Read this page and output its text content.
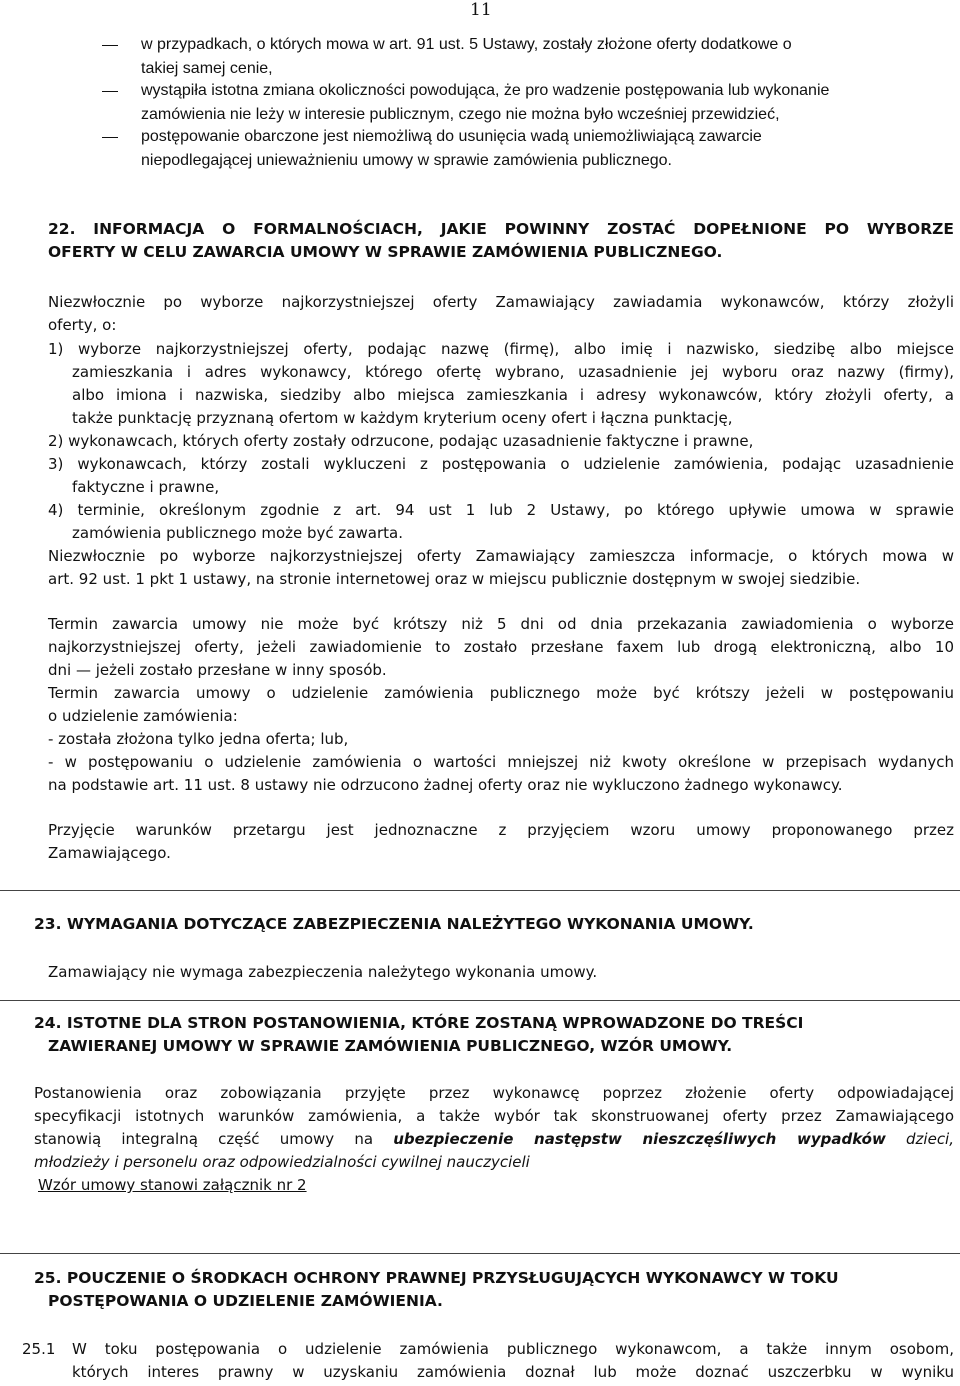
11
w przypadkach, o których mowa w art. 91 ust. 5 Ustawy, zostały złożone oferty dodatkowe o
takiej samej cenie,
wystąpiła istotna zmiana okoliczności powodująca, że pro wadzenie postępowania lub wykonanie
zamówienia nie leży w interesie publicznym, czego nie można było wcześniej przewidzieć,
postępowanie obarczone jest niemożliwą do usunięcia wadą uniemożliwiającą zawarcie
niepodlegającej unieważnieniu umowy w sprawie zamówienia publicznego.
22. INFORMACJA O FORMALNOŚCIACH, JAKIE POWINNY ZOSTAĆ DOPEŁNIONE PO WYBORZE
OFERTY W CELU ZAWARCIA UMOWY W SPRAWIE ZAMÓWIENIA PUBLICZNEGO.
Niezwłocznie po wyborze najkorzystniejszej oferty Zamawiający zawiadamia wykonawców, którzy złożyli
oferty, o:
1) wyborze najkorzystniejszej oferty, podając nazwę (firmę), albo imię i nazwisko, siedzibę albo miejsce
zamieszkania i adres wykonawcy, którego ofertę wybrano, uzasadnienie jej wyboru oraz nazwy (firmy),
albo imiona i nazwiska, siedziby albo miejsca zamieszkania i adresy wykonawców, który złożyli oferty, a
także punktację przyznaną ofertom w każdym kryterium oceny ofert i łączna punktację,
2) wykonawcach, których oferty zostały odrzucone, podając uzasadnienie faktyczne i prawne,
3) wykonawcach, którzy zostali wykluczeni z postępowania o udzielenie zamówienia, podając uzasadnienie
faktyczne i prawne,
4) terminie, określonym zgodnie z art. 94 ust 1 lub 2 Ustawy, po którego upływie umowa w sprawie
zamówienia publicznego może być zawarta.
Niezwłocznie po wyborze najkorzystniejszej oferty Zamawiający zamieszcza informacje, o których mowa w
art. 92 ust. 1 pkt 1 ustawy, na stronie internetowej oraz w miejscu publicznie dostępnym w swojej siedzibie.
Termin zawarcia umowy nie może być krótszy niż 5 dni od dnia przekazania zawiadomienia o wyborze
najkorzystniejszej oferty, jeżeli zawiadomienie to zostało przesłane faxem lub drogą elektroniczną, albo 10
dni — jeżeli zostało przesłane w inny sposób.
Termin zawarcia umowy o udzielenie zamówienia publicznego może być krótszy jeżeli w postępowaniu
o udzielenie zamówienia:
- została złożona tylko jedna oferta; lub,
- w postępowaniu o udzielenie zamówienia o wartości mniejszej niż kwoty określone w przepisach wydanych
na podstawie art. 11 ust. 8 ustawy nie odrzucono żadnej oferty oraz nie wykluczono żadnego wykonawcy.
Przyjęcie warunków przetargu jest jednoznaczne z przyjęciem wzoru umowy proponowanego przez
Zamawiającego.
23. WYMAGANIA DOTYCZĄCE ZABEZPIECZENIA NALEŻYTEGO WYKONANIA UMOWY.
Zamawiający nie wymaga zabezpieczenia należytego wykonania umowy.
24. ISTOTNE DLA STRON POSTANOWIENIA, KTÓRE ZOSTANĄ WPROWADZONE DO TREŚCI
ZAWIERANEJ UMOWY W SPRAWIE ZAMÓWIENIA PUBLICZNEGO, WZÓR UMOWY.
Postanowienia oraz zobowiązania przyjęte przez wykonawcę poprzez złożenie oferty odpowiadającej
specyfikacji istotnych warunków zamówienia, a także wybór tak skonstruowanej oferty przez Zamawiającego
stanowią integralną część umowy na ubezpieczenie następstw nieszczęśliwych wypadków dzieci,
młodzieży i personelu oraz odpowiedzialności cywilnej nauczycieli
Wzór umowy stanowi załącznik nr 2
25. POUCZENIE O ŚRODKACH OCHRONY PRAWNEJ PRZYSŁUGUJĄCYCH WYKONAWCY W TOKU
POSTĘPOWANIA O UDZIELENIE ZAMÓWIENIA.
25.1 W toku postępowania o udzielenie zamówienia publicznego wykonawcom, a także innym osobom,
których interes prawny w uzyskaniu zamówienia doznał lub może doznać uszczerbku w wyniku
